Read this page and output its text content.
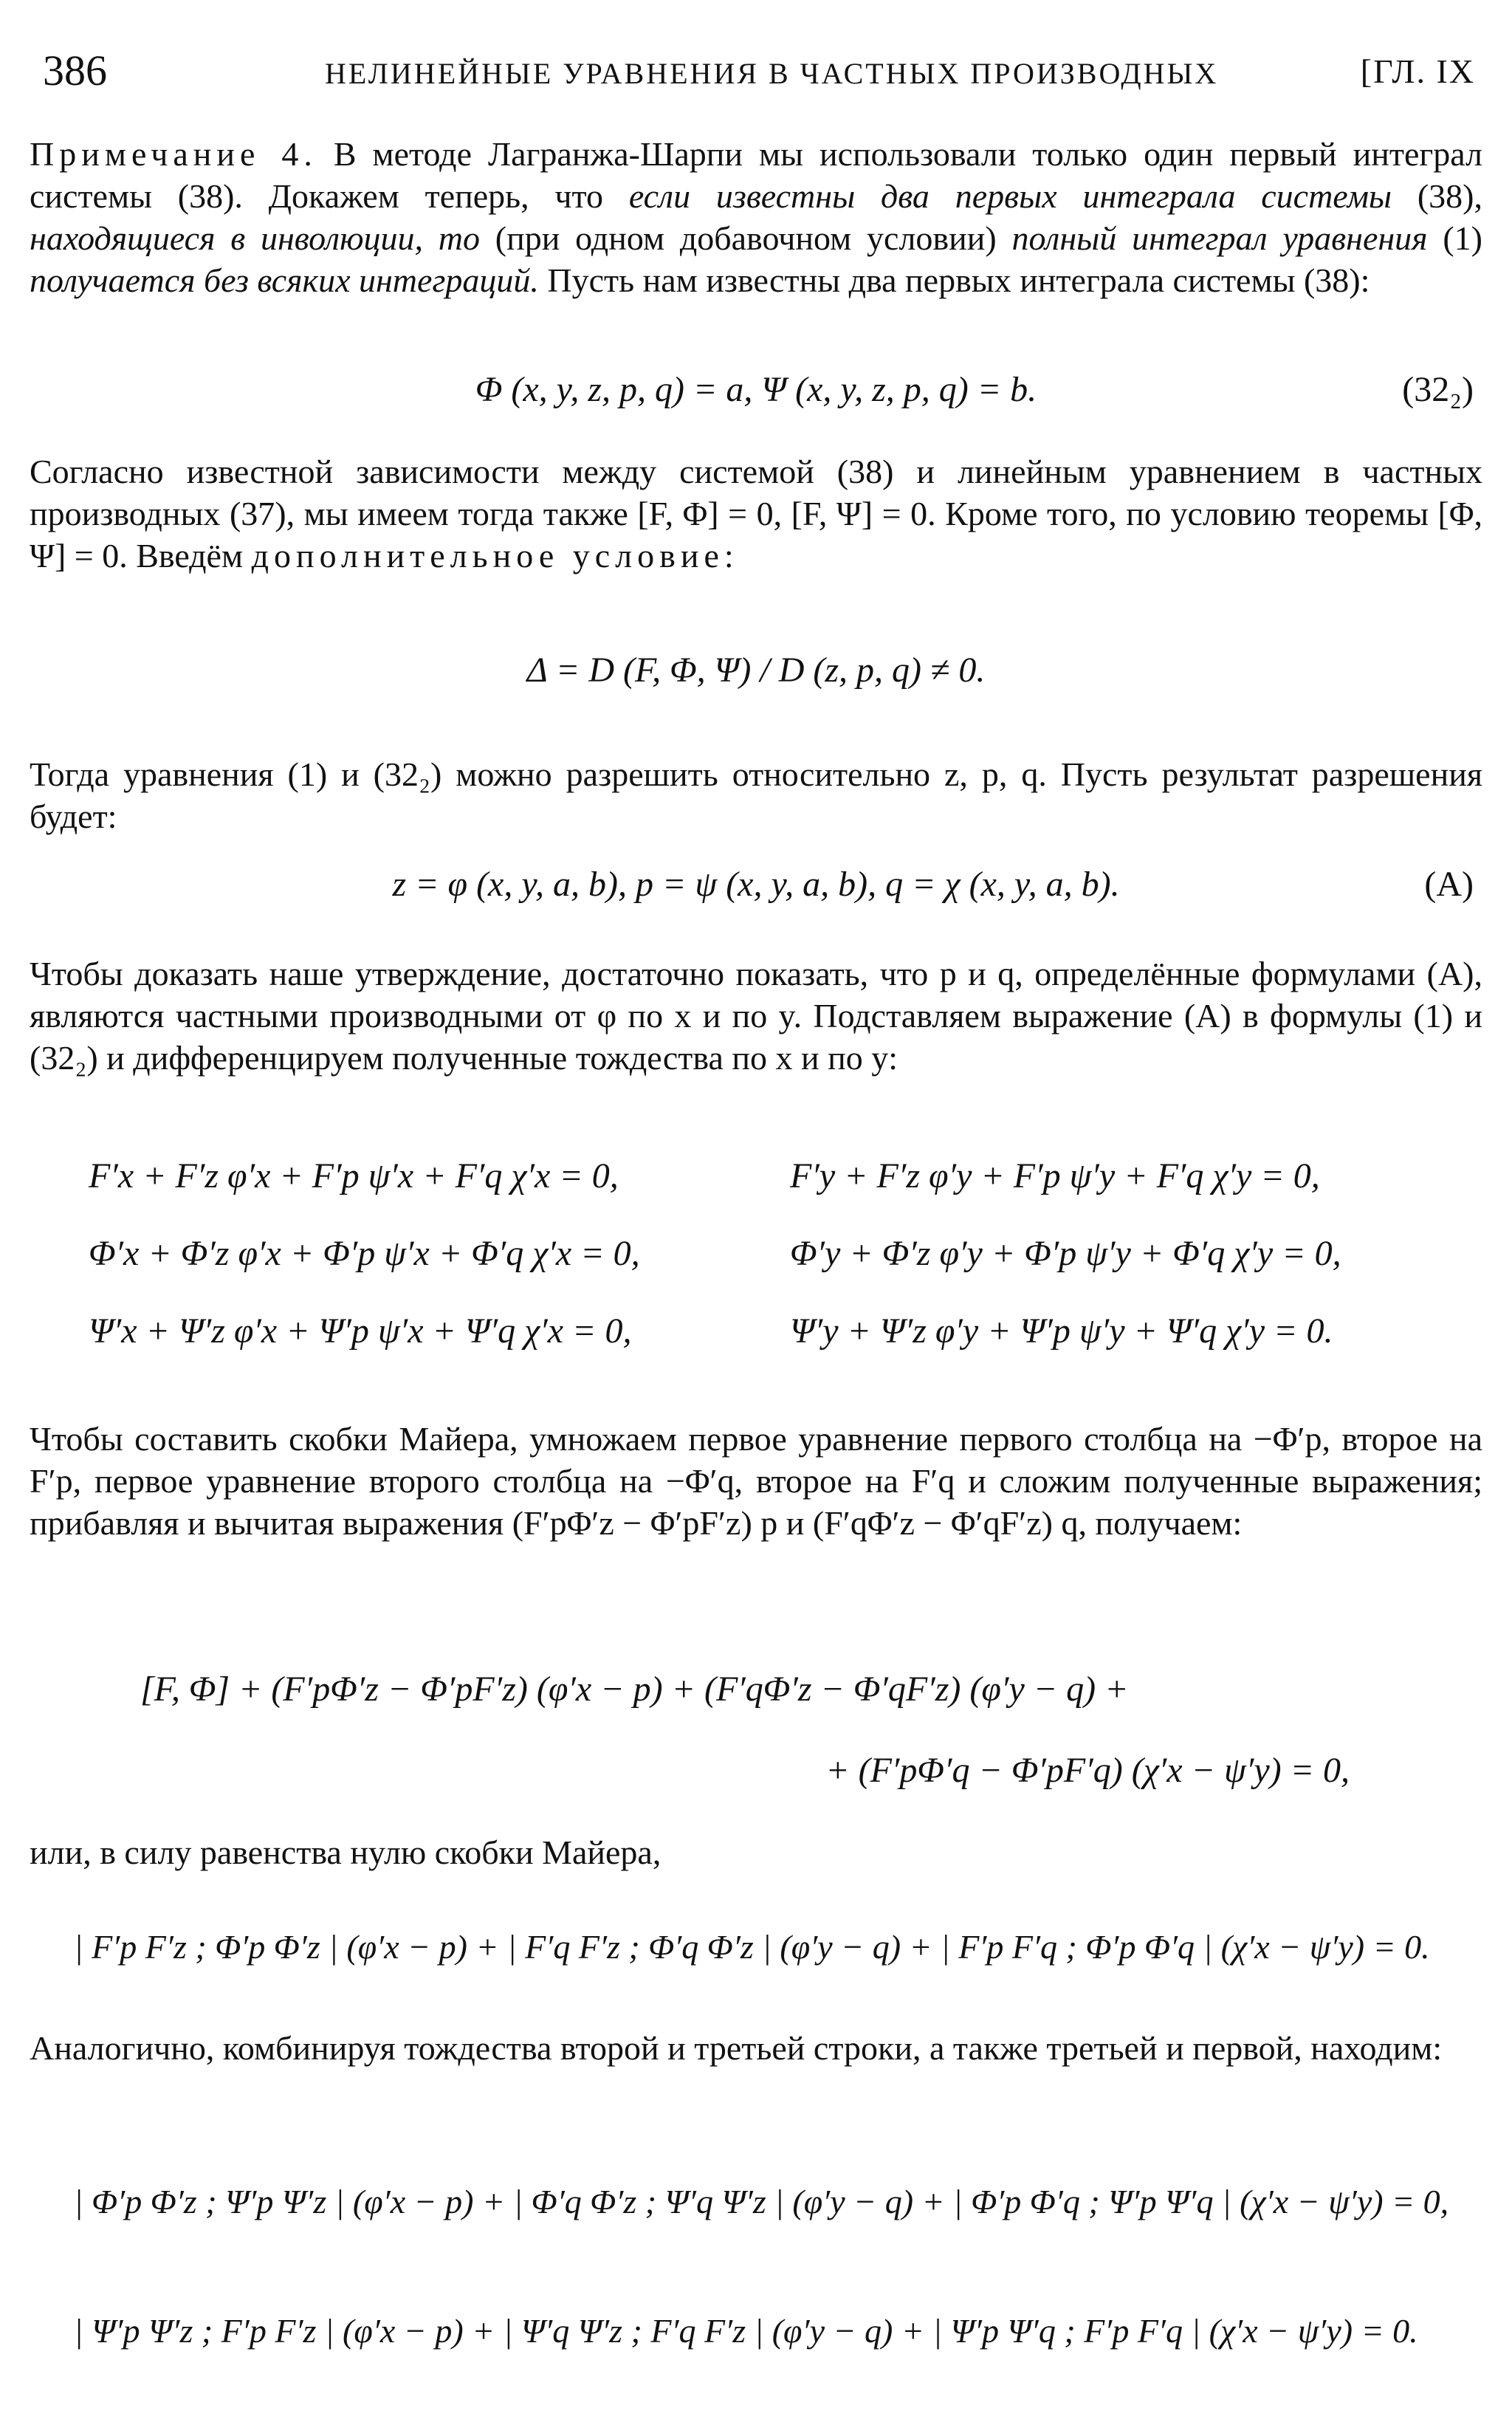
386	НЕЛИНЕЙНЫЕ УРАВНЕНИЯ В ЧАСТНЫХ ПРОИЗВОДНЫХ	[ГЛ. IX

Примечание 4. В методе Лагранжа-Шарпи мы использовали только один первый интеграл системы (38). Докажем теперь, что если известны два первых интеграла системы (38), находящиеся в инволюции, то (при одном добавочном условии) полный интеграл уравнения (1) получается без всяких интеграций. Пусть нам известны два первых интеграла системы (38):

Φ (x, y, z, p, q) = a, Ψ (x, y, z, p, q) = b.	(32₂)

Согласно известной зависимости между системой (38) и линейным уравнением в частных производных (37), мы имеем тогда также [F, Φ] = 0, [F, Ψ] = 0. Кроме того, по условию теоремы [Φ, Ψ] = 0. Введём дополнительное условие:

Δ = D (F, Φ, Ψ) / D (z, p, q) ≠ 0.

Тогда уравнения (1) и (32₂) можно разрешить относительно z, p, q. Пусть результат разрешения будет:

z = φ (x, y, a, b), p = ψ (x, y, a, b), q = χ (x, y, a, b).	(A)

Чтобы доказать наше утверждение, достаточно показать, что p и q, определённые формулами (А), являются частными производными от φ по x и по y. Подставляем выражение (А) в формулы (1) и (32₂) и дифференцируем полученные тождества по x и по y:

F′x + F′z φ′x + F′p ψ′x + F′q χ′x = 0,	F′y + F′z φ′y + F′p ψ′y + F′q χ′y = 0,
Φ′x + Φ′z φ′x + Φ′p ψ′x + Φ′q χ′x = 0,	Φ′y + Φ′z φ′y + Φ′p ψ′y + Φ′q χ′y = 0,
Ψ′x + Ψ′z φ′x + Ψ′p ψ′x + Ψ′q χ′x = 0,	Ψ′y + Ψ′z φ′y + Ψ′p ψ′y + Ψ′q χ′y = 0.

Чтобы составить скобки Майера, умножаем первое уравнение первого столбца на −Φ′p, второе на F′p, первое уравнение второго столбца на −Φ′q, второе на F′q и сложим полученные выражения; прибавляя и вычитая выражения (F′pΦ′z − Φ′pF′z) p и (F′qΦ′z − Φ′qF′z) q, получаем:

[F, Φ] + (F′pΦ′z − Φ′pF′z) (φ′x − p) + (F′qΦ′z − Φ′qF′z) (φ′y − q) +
+ (F′pΦ′q − Φ′pF′q) (χ′x − ψ′y) = 0,

или, в силу равенства нулю скобки Майера,

| F′p F′z ; Φ′p Φ′z | (φ′x − p) + | F′q F′z ; Φ′q Φ′z | (φ′y − q) + | F′p F′q ; Φ′p Φ′q | (χ′x − ψ′y) = 0.

Аналогично, комбинируя тождества второй и третьей строки, а также третьей и первой, находим:

| Φ′p Φ′z ; Ψ′p Ψ′z | (φ′x − p) + | Φ′q Φ′z ; Ψ′q Ψ′z | (φ′y − q) + | Φ′p Φ′q ; Ψ′p Ψ′q | (χ′x − ψ′y) = 0,
| Ψ′p Ψ′z ; F′p F′z | (φ′x − p) + | Ψ′q Ψ′z ; F′q F′z | (φ′y − q) + | Ψ′p Ψ′q ; F′p F′q | (χ′x − ψ′y) = 0.
